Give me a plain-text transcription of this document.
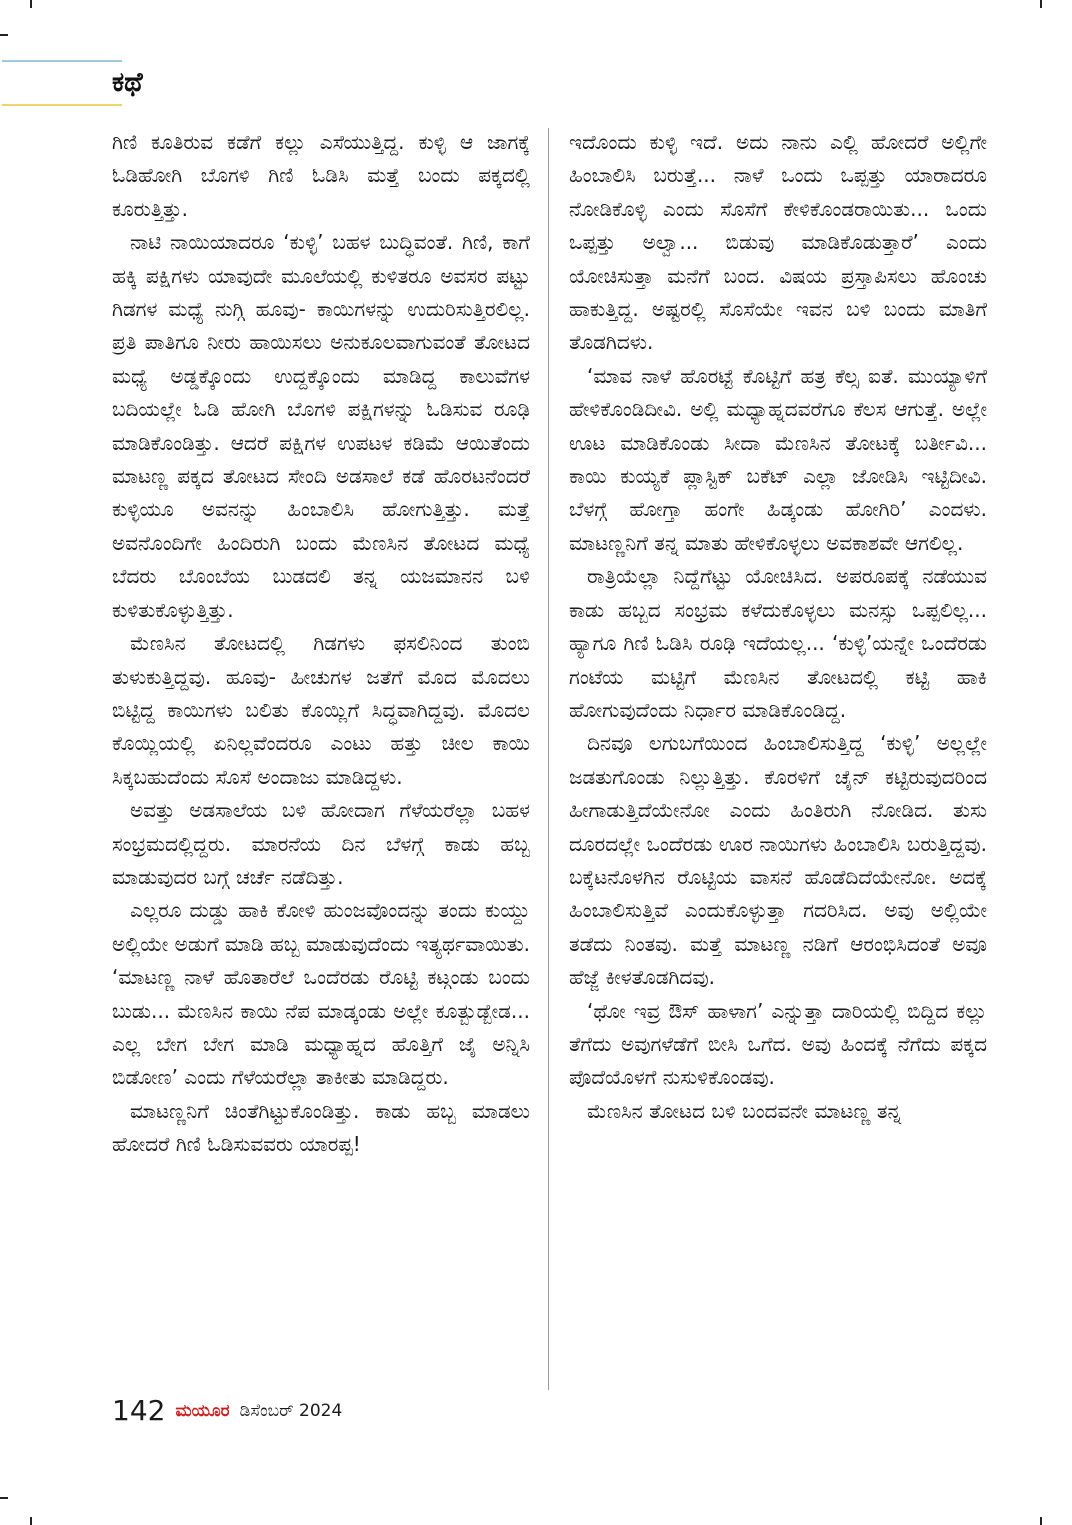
ಕಥೆ

ಗಿಣಿ ಕೂತಿರುವ ಕಡೆಗೆ ಕಲ್ಲು ಎಸೆಯುತ್ತಿದ್ದ. ಕುಳ್ಳಿ ಆ ಜಾಗಕ್ಕೆ ಓಡಿಹೋಗಿ ಬೊಗಳಿ ಗಿಣಿ ಓಡಿಸಿ ಮತ್ತೆ ಬಂದು ಪಕ್ಕದಲ್ಲಿ ಕೂರುತ್ತಿತ್ತು.

ನಾಟಿ ನಾಯಿಯಾದರೂ ‘ಕುಳ್ಳಿ’ ಬಹಳ ಬುದ್ಧಿವಂತೆ. ಗಿಣಿ, ಕಾಗೆ ಹಕ್ಕಿ ಪಕ್ಷಿಗಳು ಯಾವುದೇ ಮೂಲೆಯಲ್ಲಿ ಕುಳಿತರೂ ಅವಸರ ಪಟ್ಟು ಗಿಡಗಳ ಮಧ್ಯೆ ನುಗ್ಗಿ ಹೂವು- ಕಾಯಿಗಳನ್ನು ಉದುರಿಸುತ್ತಿರಲಿಲ್ಲ. ಪ್ರತಿ ಪಾತಿಗೂ ನೀರು ಹಾಯಿಸಲು ಅನುಕೂಲವಾಗುವಂತೆ ತೋಟದ ಮಧ್ಯೆ ಅಡ್ಡಕ್ಕೊಂದು ಉದ್ದಕ್ಕೊಂದು ಮಾಡಿದ್ದ ಕಾಲುವೆಗಳ ಬದಿಯಲ್ಲೇ ಓಡಿ ಹೋಗಿ ಬೊಗಳಿ ಪಕ್ಷಿಗಳನ್ನು ಓಡಿಸುವ ರೂಢಿ ಮಾಡಿಕೊಂಡಿತ್ತು. ಆದರೆ ಪಕ್ಷಿಗಳ ಉಪಟಳ ಕಡಿಮೆ ಆಯಿತೆಂದು ಮಾಟಣ್ಣ ಪಕ್ಕದ ತೋಟದ ಸೇಂದಿ ಅಡಸಾಲೆ ಕಡೆ ಹೊರಟನೆಂದರೆ ಕುಳ್ಳಿಯೂ ಅವನನ್ನು ಹಿಂಬಾಲಿಸಿ ಹೋಗುತ್ತಿತ್ತು. ಮತ್ತೆ ಅವನೊಂದಿಗೇ ಹಿಂದಿರುಗಿ ಬಂದು ಮೆಣಸಿನ ತೋಟದ ಮಧ್ಯೆ ಬೆದರು ಬೊಂಬೆಯ ಬುಡದಲಿ ತನ್ನ ಯಜಮಾನನ ಬಳಿ ಕುಳಿತುಕೊಳ್ಳುತ್ತಿತ್ತು.

ಮೆಣಸಿನ ತೋಟದಲ್ಲಿ ಗಿಡಗಳು ಫಸಲಿನಿಂದ ತುಂಬಿ ತುಳುಕುತ್ತಿದ್ದವು. ಹೂವು- ಹೀಚುಗಳ ಜತೆಗೆ ಮೊದ ಮೊದಲು ಬಿಟ್ಟಿದ್ದ ಕಾಯಿಗಳು ಬಲಿತು ಕೊಯ್ಲಿಗೆ ಸಿದ್ಧವಾಗಿದ್ದವು. ಮೊದಲ ಕೊಯ್ಲಿಯಲ್ಲಿ ಏನಿಲ್ಲವೆಂದರೂ ಎಂಟು ಹತ್ತು ಚೀಲ ಕಾಯಿ ಸಿಕ್ಕಬಹುದೆಂದು ಸೊಸೆ ಅಂದಾಜು ಮಾಡಿದ್ದಳು.

ಅವತ್ತು ಅಡಸಾಲೆಯ ಬಳಿ ಹೋದಾಗ ಗೆಳೆಯರೆಲ್ಲಾ ಬಹಳ ಸಂಭ್ರಮದಲ್ಲಿದ್ದರು. ಮಾರನೆಯ ದಿನ ಬೆಳಗ್ಗೆ ಕಾಡು ಹಬ್ಬ ಮಾಡುವುದರ ಬಗ್ಗೆ ಚರ್ಚೆ ನಡೆದಿತ್ತು.

ಎಲ್ಲರೂ ದುಡ್ಡು ಹಾಕಿ ಕೋಳಿ ಹುಂಜವೊಂದನ್ನು ತಂದು ಕುಯ್ದು ಅಲ್ಲಿಯೇ ಅಡುಗೆ ಮಾಡಿ ಹಬ್ಬ ಮಾಡುವುದೆಂದು ಇತ್ಯರ್ಥವಾಯಿತು. ‘ಮಾಟಣ್ಣ ನಾಳೆ ಹೊತಾರೆಲೆ ಒಂದೆರಡು ರೊಟ್ಟಿ ಕಟ್ಗಂಡು ಬಂದು ಬುಡು... ಮೆಣಸಿನ ಕಾಯಿ ನೆಪ ಮಾಡ್ಕಂಡು ಅಲ್ಲೇ ಕೂತ್ಬುಡ್ಬೇಡ... ಎಲ್ಲ ಬೇಗ ಬೇಗ ಮಾಡಿ ಮಧ್ಯಾಹ್ನದ ಹೊತ್ತಿಗೆ ಜೈ ಅನ್ನಿಸಿ ಬಿಡೋಣ’ ಎಂದು ಗೆಳೆಯರೆಲ್ಲಾ ತಾಕೀತು ಮಾಡಿದ್ದರು.

ಮಾಟಣ್ಣನಿಗೆ ಚಿಂತೆಗಿಟ್ಟುಕೊಂಡಿತ್ತು. ಕಾಡು ಹಬ್ಬ ಮಾಡಲು ಹೋದರೆ ಗಿಣಿ ಓಡಿಸುವವರು ಯಾರಪ್ಪ!

ಇದೊಂದು ಕುಳ್ಳಿ ಇದೆ. ಅದು ನಾನು ಎಲ್ಲಿ ಹೋದರೆ ಅಲ್ಲಿಗೇ ಹಿಂಬಾಲಿಸಿ ಬರುತ್ತೆ... ನಾಳೆ ಒಂದು ಒಪ್ಪತ್ತು ಯಾರಾದರೂ ನೋಡಿಕೊಳ್ಳಿ ಎಂದು ಸೊಸೆಗೆ ಕೇಳಿಕೊಂಡರಾಯಿತು... ಒಂದು ಒಪ್ಪತ್ತು ಅಲ್ವಾ... ಬಿಡುವು ಮಾಡಿಕೊಡುತ್ತಾರೆ’ ಎಂದು ಯೋಚಿಸುತ್ತಾ ಮನೆಗೆ ಬಂದ. ವಿಷಯ ಪ್ರಸ್ತಾಪಿಸಲು ಹೊಂಚು ಹಾಕುತ್ತಿದ್ದ. ಅಷ್ಟರಲ್ಲಿ ಸೊಸೆಯೇ ಇವನ ಬಳಿ ಬಂದು ಮಾತಿಗೆ ತೊಡಗಿದಳು.

‘ಮಾವ ನಾಳೆ ಹೊರಟ್ಟೆ ಕೊಟ್ಟಿಗೆ ಹತ್ರ ಕೆಲ್ಸ ಐತೆ. ಮುಯ್ಯಾಳಿಗೆ ಹೇಳಿಕೊಂಡಿದೀವಿ. ಅಲ್ಲಿ ಮಧ್ಯಾಹ್ನದವರೆಗೂ ಕೆಲಸ ಆಗುತ್ತೆ. ಅಲ್ಲೇ ಊಟ ಮಾಡಿಕೊಂಡು ಸೀದಾ ಮೆಣಸಿನ ತೋಟಕ್ಕೆ ಬರ್ತೀವಿ... ಕಾಯಿ ಕುಯ್ಯಕೆ ಪ್ಲಾಸ್ಟಿಕ್ ಬಕೆಟ್ ಎಲ್ಲಾ ಜೋಡಿಸಿ ಇಟ್ಟಿದೀವಿ. ಬೆಳಗ್ಗೆ ಹೋಗ್ತಾ ಹಂಗೇ ಹಿಡ್ಕಂಡು ಹೋಗಿರಿ’ ಎಂದಳು. ಮಾಟಣ್ಣನಿಗೆ ತನ್ನ ಮಾತು ಹೇಳಿಕೊಳ್ಳಲು ಅವಕಾಶವೇ ಆಗಲಿಲ್ಲ.

ರಾತ್ರಿಯೆಲ್ಲಾ ನಿದ್ದೆಗೆಟ್ಟು ಯೋಚಿಸಿದ. ಅಪರೂಪಕ್ಕೆ ನಡೆಯುವ ಕಾಡು ಹಬ್ಬದ ಸಂಭ್ರಮ ಕಳೆದುಕೊಳ್ಳಲು ಮನಸ್ಸು ಒಪ್ಪಲಿಲ್ಲ... ಹ್ಯಾಗೂ ಗಿಣಿ ಓಡಿಸಿ ರೂಢಿ ಇದೆಯಲ್ಲ... ‘ಕುಳ್ಳಿ’ಯನ್ನೇ ಒಂದೆರಡು ಗಂಟೆಯ ಮಟ್ಟಿಗೆ ಮೆಣಸಿನ ತೋಟದಲ್ಲಿ ಕಟ್ಟಿ ಹಾಕಿ ಹೋಗುವುದೆಂದು ನಿರ್ಧಾರ ಮಾಡಿಕೊಂಡಿದ್ದ.

ದಿನವೂ ಲಗುಬಗೆಯಿಂದ ಹಿಂಬಾಲಿಸುತ್ತಿದ್ದ ‘ಕುಳ್ಳಿ’ ಅಲ್ಲಲ್ಲೇ ಜಡತುಗೊಂಡು ನಿಲ್ಲುತ್ತಿತ್ತು. ಕೊರಳಿಗೆ ಚೈನ್ ಕಟ್ಟಿರುವುದರಿಂದ ಹೀಗಾಡುತ್ತಿದೆಯೇನೋ ಎಂದು ಹಿಂತಿರುಗಿ ನೋಡಿದ. ತುಸು ದೂರದಲ್ಲೇ ಒಂದೆರಡು ಊರ ನಾಯಿಗಳು ಹಿಂಬಾಲಿಸಿ ಬರುತ್ತಿದ್ದವು. ಬಕ್ಕೆಟನೊಳಗಿನ ರೊಟ್ಟಿಯ ವಾಸನೆ ಹೊಡೆದಿದೆಯೇನೋ. ಅದಕ್ಕೆ ಹಿಂಬಾಲಿಸುತ್ತಿವೆ ಎಂದುಕೊಳ್ಳುತ್ತಾ ಗದರಿಸಿದ. ಅವು ಅಲ್ಲಿಯೇ ತಡೆದು ನಿಂತವು. ಮತ್ತೆ ಮಾಟಣ್ಣ ನಡಿಗೆ ಆರಂಭಿಸಿದಂತೆ ಅವೂ ಹೆಜ್ಜೆ ಕೀಳತೊಡಗಿದವು.

‘ಥೋ ಇವ್ರ ಔಸ್ ಹಾಳಾಗ’ ಎನ್ನುತ್ತಾ ದಾರಿಯಲ್ಲಿ ಬಿದ್ದಿದ ಕಲ್ಲು ತೆಗೆದು ಅವುಗಳೆಡೆಗೆ ಬೀಸಿ ಒಗೆದ. ಅವು ಹಿಂದಕ್ಕೆ ನೆಗೆದು ಪಕ್ಕದ ಪೊದೆಯೊಳಗೆ ನುಸುಳಿಕೊಂಡವು.

ಮೆಣಸಿನ ತೋಟದ ಬಳಿ ಬಂದವನೇ ಮಾಟಣ್ಣ ತನ್ನ

142 ಮಯೂರ ಡಿಸೆಂಬರ್ 2024
